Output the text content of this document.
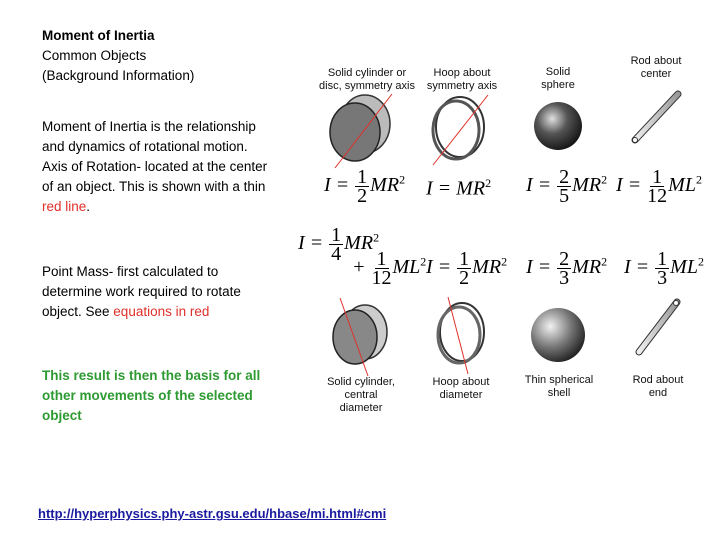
Moment of Inertia
Common Objects
(Background Information)
Moment of Inertia is the relationship and dynamics of rotational motion.
Axis of Rotation- located at the center of an object. This is shown with a thin red line.
Point Mass- first calculated to determine work required to rotate object. See equations in red
This result is then the basis for all other movements of the selected object
http://hyperphysics.phy-astr.gsu.edu/hbase/mi.html#cmi
Solid cylinder or disc, symmetry axis
Hoop about symmetry axis
Solid sphere
Rod about center
Solid cylinder, central diameter
Hoop about diameter
Thin spherical shell
Rod about end
$I = \frac{1}{2} MR^2$ $I = MR^2$ $I = \frac{2}{5} MR^2$ $I = \frac{1}{12} ML^2$
$I = \frac{1}{4} MR^2$
+ $\frac{1}{12} ML^2$ $I = \frac{1}{2} MR^2$ $I = \frac{2}{3} MR^2$ $I = \frac{1}{3} ML^2$
